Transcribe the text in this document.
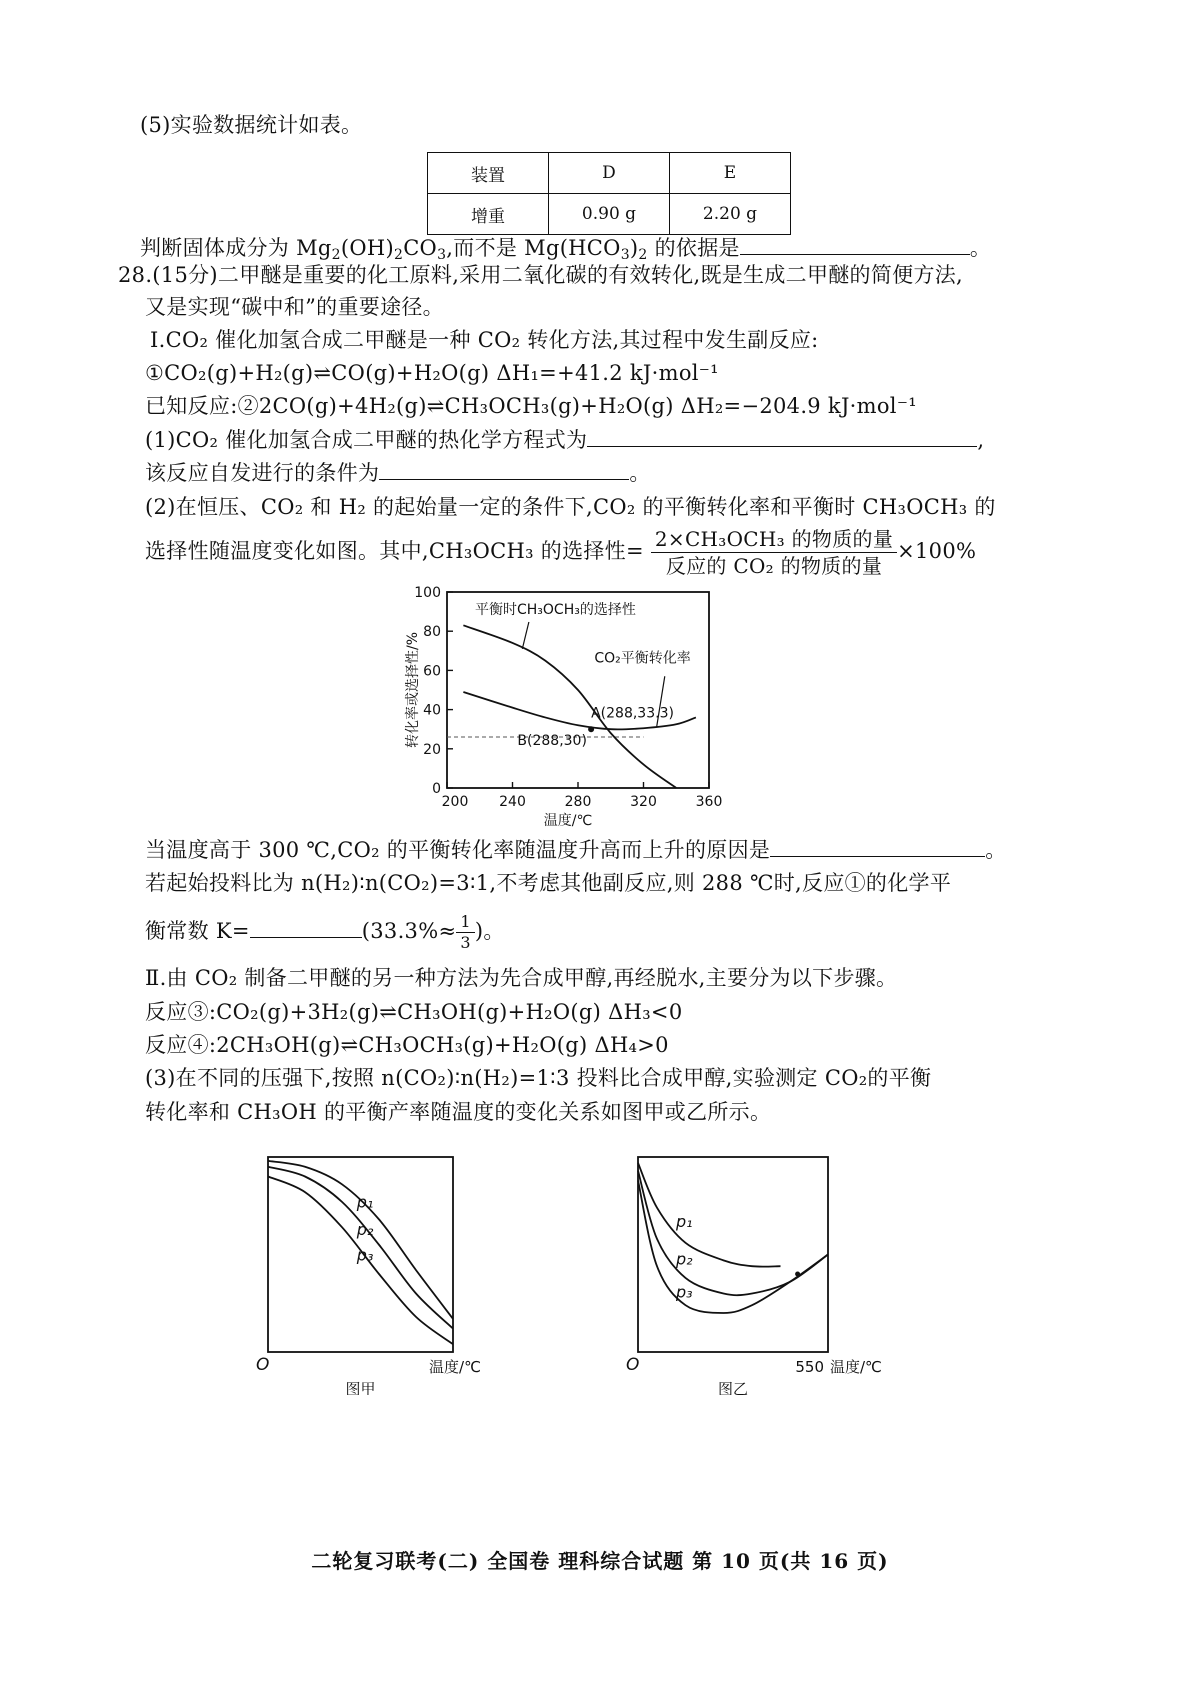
(5)实验数据统计如表。
装置	D	E
增重	0.90 g	2.20 g
判断固体成分为 $Mg_2(OH)_2CO_3$,而不是 $Mg(HCO_3)_2$ 的依据是	。
28.(15分)二甲醚是重要的化工原料,采用二氧化碳的有效转化,既是生成二甲醚的简便方法,
又是实现“碳中和”的重要途径。
Ⅰ.CO₂ 催化加氢合成二甲醚是一种 CO₂ 转化方法,其过程中发生副反应:
①CO₂(g)+H₂(g)⇌CO(g)+H₂O(g) ΔH₁=+41.2 kJ·mol⁻¹
已知反应:②2CO(g)+4H₂(g)⇌CH₃OCH₃(g)+H₂O(g) ΔH₂=−204.9 kJ·mol⁻¹
(1)CO₂ 催化加氢合成二甲醚的热化学方程式为	,
该反应自发进行的条件为	。
(2)在恒压、CO₂ 和 H₂ 的起始量一定的条件下,CO₂ 的平衡转化率和平衡时 CH₃OCH₃ 的
选择性随温度变化如图。其中,CH₃OCH₃ 的选择性= $\frac{\text{2×CH₃OCH₃ 的物质的量}}{\text{反应的 CO₂ 的物质的量}} \times 100\%$
0
20
40
60
80
100
200 240	280	320	360
温度/℃
转化率或选择性/%
平衡时CH₃OCH₃的选择性
CO₂平衡转化率
A(288,33.3)
B(288,30)
当温度高于 300 ℃,CO₂ 的平衡转化率随温度升高而上升的原因是	。
若起始投料比为 n(H₂)∶n(CO₂)=3∶1,不考虑其他副反应,则 288 ℃时,反应①的化学平
衡常数 K=	($33.3\%\approx \frac{1}{3}$ )。
Ⅱ.由 CO₂ 制备二甲醚的另一种方法为先合成甲醇,再经脱水,主要分为以下步骤。
反应③:CO₂(g)+3H₂(g)⇌CH₃OH(g)+H₂O(g) ΔH₃<0
反应④:2CH₃OH(g)⇌CH₃OCH₃(g)+H₂O(g) ΔH₄>0
(3)在不同的压强下,按照 n(CO₂)∶n(H₂)=1∶3 投料比合成甲醇,实验测定 CO₂的平衡
转化率和 CH₃OH 的平衡产率随温度的变化关系如图甲或乙所示。
p₁
p₂
p₃
O	温度/℃
图甲
p₁
p₂
p₃
O	温度/℃
550
图乙
二轮复习联考(二) 全国卷 理科综合试题 第 10 页(共 16 页)
